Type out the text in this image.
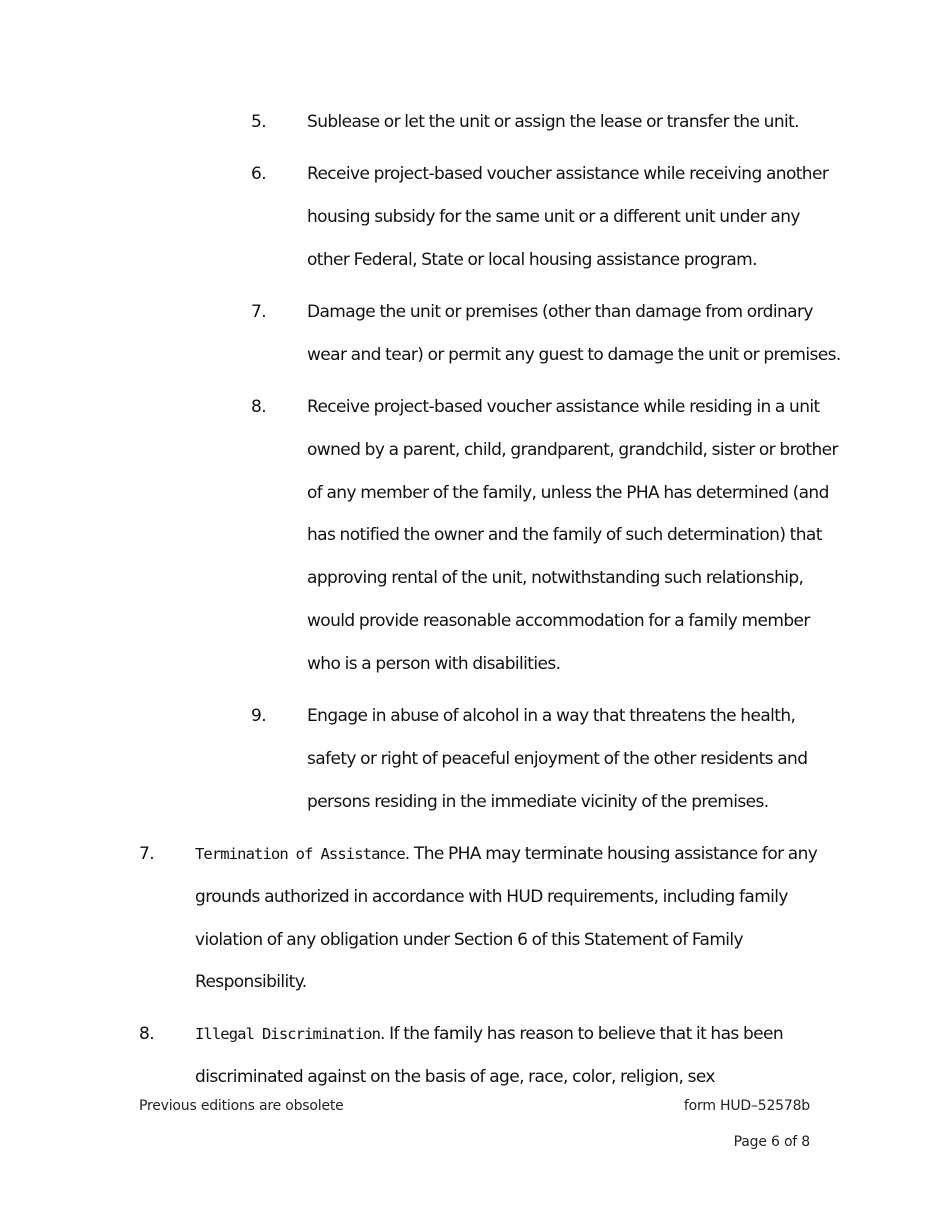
5. Sublease or let the unit or assign the lease or transfer the unit.
6. Receive project-based voucher assistance while receiving another
housing subsidy for the same unit or a different unit under any
other Federal, State or local housing assistance program.
7. Damage the unit or premises (other than damage from ordinary
wear and tear) or permit any guest to damage the unit or premises.
8. Receive project-based voucher assistance while residing in a unit
owned by a parent, child, grandparent, grandchild, sister or brother
of any member of the family, unless the PHA has determined (and
has notified the owner and the family of such determination) that
approving rental of the unit, notwithstanding such relationship,
would provide reasonable accommodation for a family member
who is a person with disabilities.
9. Engage in abuse of alcohol in a way that threatens the health,
safety or right of peaceful enjoyment of the other residents and
persons residing in the immediate vicinity of the premises.
7.	Termination of Assistance. The PHA may terminate housing assistance for any
grounds authorized in accordance with HUD requirements, including family
violation of any obligation under Section 6 of this Statement of Family
Responsibility.
8.	Illegal Discrimination. If the family has reason to believe that it has been
discriminated against on the basis of age, race, color, religion, sex
Previous editions are obsolete	form HUD–52578b
Page 6 of 8
